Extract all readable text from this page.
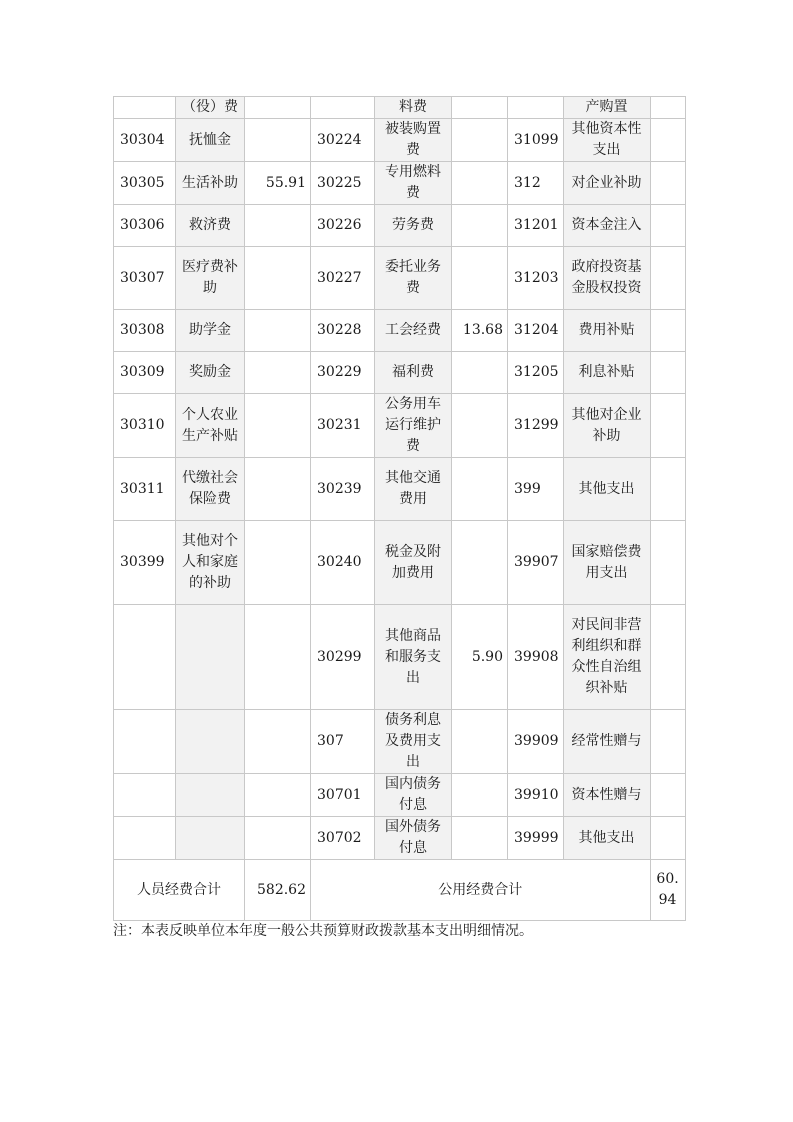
	（役）费			料费			产购置	
30304	抚恤金		30224	被装购置费		31099	其他资本性支出	
30305	生活补助	55.91	30225	专用燃料费		312	对企业补助	
30306	救济费		30226	劳务费		31201	资本金注入	
30307	医疗费补助		30227	委托业务费		31203	政府投资基金股权投资	
30308	助学金		30228	工会经费	13.68	31204	费用补贴	
30309	奖励金		30229	福利费		31205	利息补贴	
30310	个人农业生产补贴		30231	公务用车运行维护费		31299	其他对企业补助	
30311	代缴社会保险费		30239	其他交通费用		399	其他支出	
30399	其他对个人和家庭的补助		30240	税金及附加费用		39907	国家赔偿费用支出	
			30299	其他商品和服务支出	5.90	39908	对民间非营利组织和群众性自治组织补贴	
			307	债务利息及费用支出		39909	经常性赠与	
			30701	国内债务付息		39910	资本性赠与	
			30702	国外债务付息		39999	其他支出	
人员经费合计		582.62	公用经费合计					60.94

注：本表反映单位本年度一般公共预算财政拨款基本支出明细情况。
